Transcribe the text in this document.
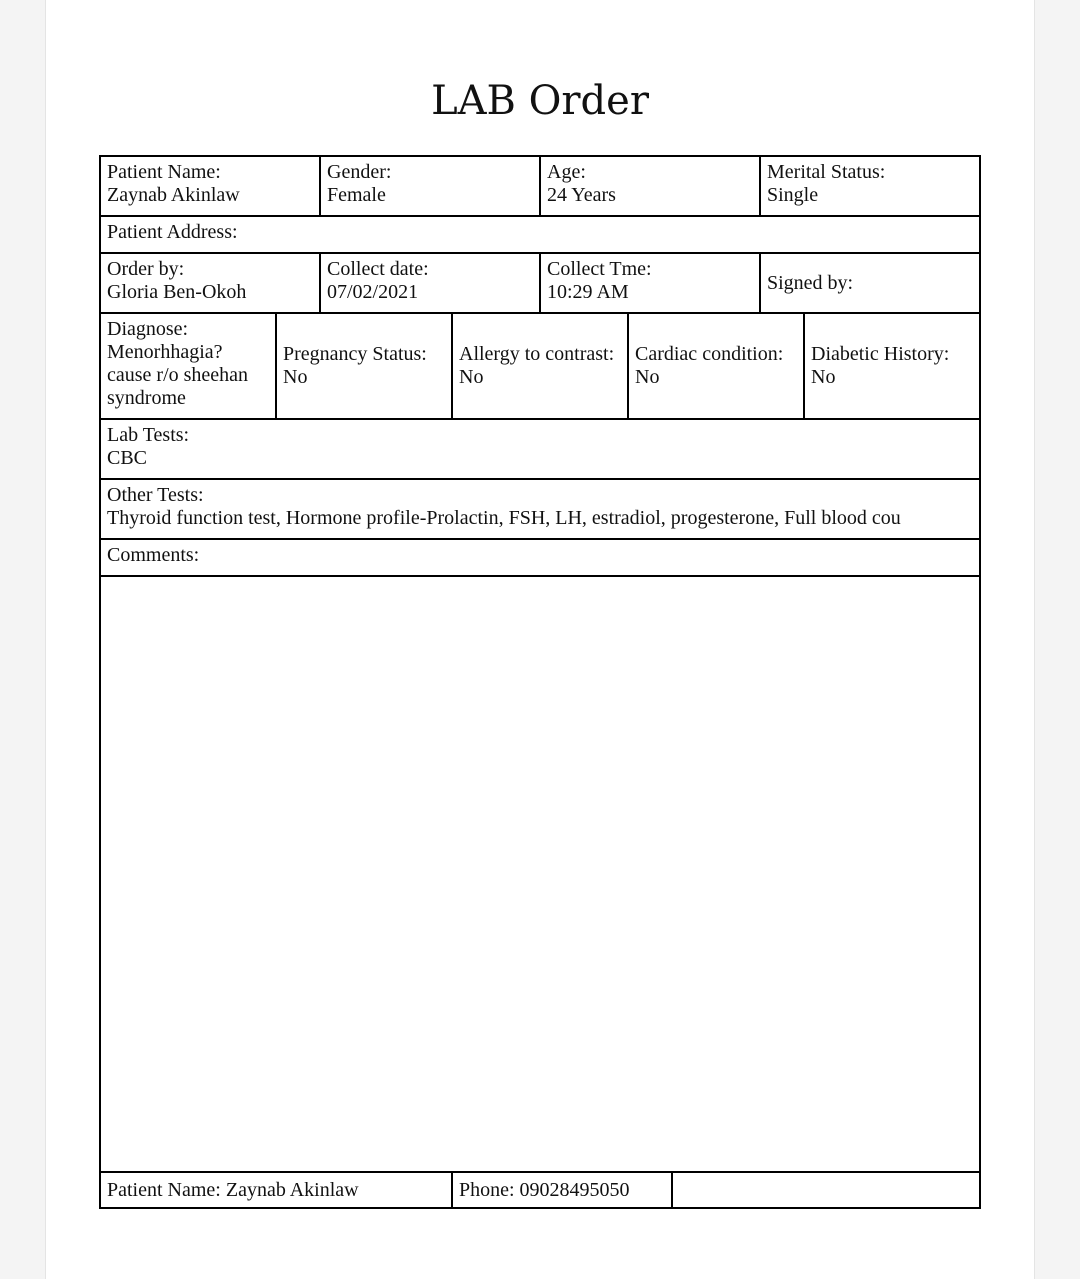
LAB Order
Patient Name:
Zaynab Akinlaw
Gender:
Female
Age:
24 Years
Merital Status:
Single
Patient Address:
Order by:
Gloria Ben-Okoh
Collect date:
07/02/2021
Collect Tme:
10:29 AM	Signed by:
Diagnose:
Menorhhagia?
cause r/o sheehan
syndrome
Pregnancy Status:
No
Allergy to contrast:
No
Cardiac condition:
No
Diabetic History:
No
Lab Tests:
CBC
Other Tests:
Thyroid function test, Hormone profile-Prolactin, FSH, LH, estradiol, progesterone, Full blood cou
Comments:
Patient Name: Zaynab Akinlaw	Phone: 09028495050
